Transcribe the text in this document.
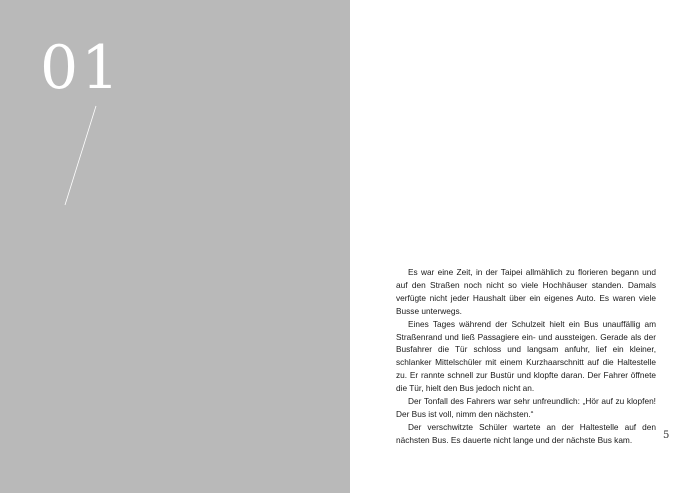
01

Es war eine Zeit, in der Taipei allmählich zu florieren begann und auf den Straßen noch nicht so viele Hochhäuser standen. Damals verfügte nicht jeder Haushalt über ein eigenes Auto. Es waren viele Busse unterwegs.

Eines Tages während der Schulzeit hielt ein Bus unauffällig am Straßenrand und ließ Passagiere ein- und aussteigen. Gerade als der Busfahrer die Tür schloss und langsam anfuhr, lief ein kleiner, schlanker Mittelschüler mit einem Kurzhaarschnitt auf die Haltestelle zu. Er rannte schnell zur Bustür und klopfte daran. Der Fahrer öffnete die Tür, hielt den Bus jedoch nicht an.

Der Tonfall des Fahrers war sehr unfreundlich: „Hör auf zu klopfen! Der Bus ist voll, nimm den nächsten.“

Der verschwitzte Schüler wartete an der Haltestelle auf den nächsten Bus. Es dauerte nicht lange und der nächste Bus kam.	5
